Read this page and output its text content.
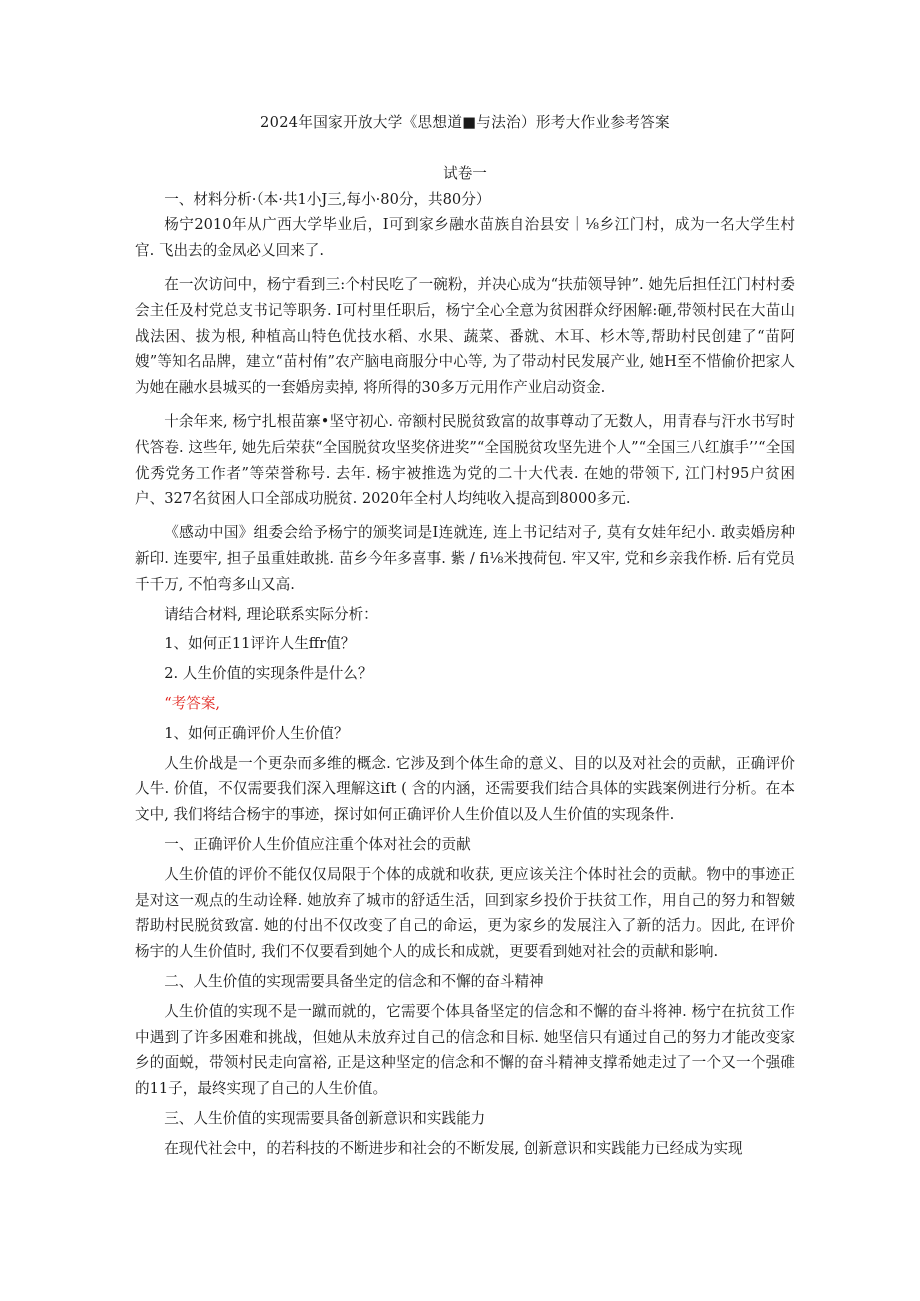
2024年国家开放大学《思想道■与法治）形考大作业参考答案
试卷一
一、材料分析·（本·共1小J三,每小·80分，共80分）
杨宁2010年从广西大学毕业后，I可到家乡融水苗族自治县安｜⅛乡江门村，成为一名大学生村官. 飞出去的金凤必乂回来了.
在一次访问中，杨宁看到三:个村民吃了一碗粉，并决心成为“扶茄领导钟”. 她先后担任江门村村委会主任及村党总支书记等职务. I可村里任职后，杨宁全心全意为贫困群众纾困解:砸,带领村民在大苗山战法困、拔为根, 种植高山特色优技水稻、水果、蔬菜、番就、木耳、杉木等,帮助村民创建了“苗阿嫂”等知名品牌，建立“苗村侑”农产脑电商服分中心等, 为了带动村民发展产业, 她H至不惜偷价把家人为她在融水县城买的一套婚房卖掉, 将所得的30多万元用作产业启动资金.
十余年来, 杨宁扎根苗寨•坚守初心. 帝额村民脱贫致富的故事尊动了无数人，用青春与汗水书写时代答卷. 这些年, 她先后荣获“全国脱贫攻坚奖侪进奖”“全国脱贫攻坚先进个人”“全国三八红旗手’’“全国优秀党务工作者”等荣誉称号. 去年. 杨宇被推选为党的二十大代表. 在她的带领下, 江门村95户贫困户、327名贫困人口全部成功脱贫. 2020年全村人均纯收入提高到8000多元.
《感动中国》组委会给予杨宁的颁奖词是I连就连, 连上书记结对子, 莫有女娃年纪小. 敢卖婚房种新印. 连要牢, 担子虽重娃敢挑. 苗乡今年多喜事. 紫 / fi⅛米拽荷包. 牢又牢, 党和乡亲我作桥. 后有党员千千万, 不怕弯多山又高.
请结合材料, 理论联系实际分析：
1、如何正11评许人生ffr值？
2. 人生价值的实现条件是什么？
“考答案,
1、如何正确评价人生价值？
人生价战是一个更杂而多维的概念. 它涉及到个体生命的意义、目的以及对社会的贡献，正确评价人牛. 价值，不仅需要我们深入理解这ift ( 含的内涵，还需要我们结合具体的实践案例进行分析。在本文中, 我们将结合杨宇的事迹，探讨如何正确评价人生价值以及人生价值的实现条件.
一、正确评价人生价值应注重个体对社会的贡献
人生价值的评价不能仅仅局限于个体的成就和收获, 更应该关注个体时社会的贡献。物中的事迹正是对这一观点的生动诠释. 她放弃了城市的舒适生活，回到家乡投价于扶贫工作，用自己的努力和智皴帮助村民脱贫致富. 她的付出不仅改变了自己的命运，更为家乡的发展注入了新的活力。因此, 在评价杨宇的人生价值时, 我们不仅要看到她个人的成长和成就，更要看到她对社会的贡献和影响.
二、人生价值的实现需要具备坐定的信念和不懈的奋斗精神
人生价值的实现不是一蹴而就的，它需要个体具备坚定的信念和不懈的奋斗将神. 杨宁在抗贫工作中遇到了许多困难和挑战，但她从未放弃过自己的信念和目标. 她坚信只有通过自己的努力才能改变家乡的面蜕，带领村民走向富裕, 正是这种坚定的信念和不懈的奋斗精神支撑希她走过了一个又一个强碓的11子，最终实现了自己的人生价值。
三、人生价值的实现需要具备创新意识和实践能力
在现代社会中，的若科技的不断进步和社会的不断发展, 创新意识和实践能力已经成为实现
